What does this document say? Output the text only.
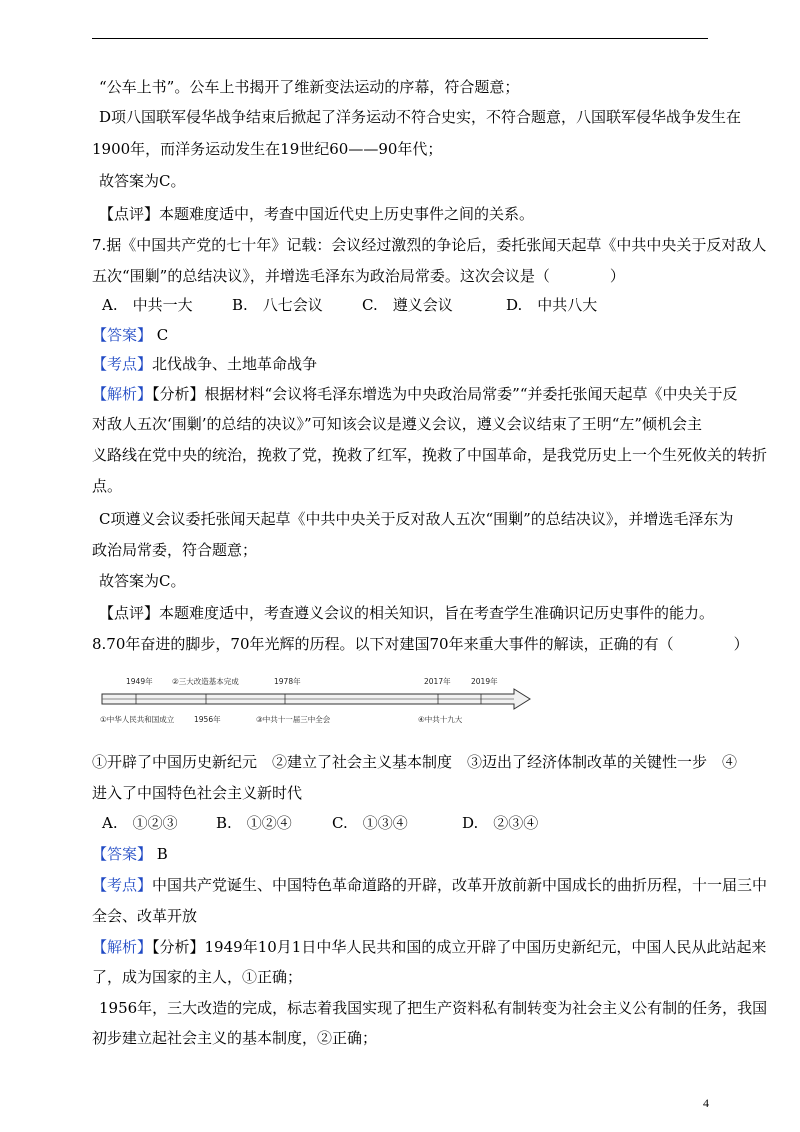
“公车上书”。公车上书揭开了维新变法运动的序幕，符合题意；
D项八国联军侵华战争结束后掀起了洋务运动不符合史实，不符合题意，八国联军侵华战争发生在
1900年，而洋务运动发生在19世纪60——90年代；
故答案为C。
【点评】本题难度适中，考查中国近代史上历史事件之间的关系。
7.据《中国共产党的七十年》记载：会议经过激烈的争论后，委托张闻天起草《中共中央关于反对敌人
五次“围剿”的总结决议》，并增选毛泽东为政治局常委。这次会议是（　　　　）
A.　中共一大	B.　八七会议	C.　遵义会议	D.　中共八大
【答案】 C
【考点】北伐战争、土地革命战争
【解析】【分析】根据材料“会议将毛泽东增选为中央政治局常委”“并委托张闻天起草《中央关于反
对敌人五次‘围剿’的总结的决议》”可知该会议是遵义会议，遵义会议结束了王明“左”倾机会主
义路线在党中央的统治，挽救了党，挽救了红军，挽救了中国革命，是我党历史上一个生死攸关的转折
点。
C项遵义会议委托张闻天起草《中共中央关于反对敌人五次“围剿”的总结决议》，并增选毛泽东为
政治局常委，符合题意；
故答案为C。
【点评】本题难度适中，考查遵义会议的相关知识，旨在考查学生准确识记历史事件的能力。
8.70年奋进的脚步，70年光辉的历程。以下对建国70年来重大事件的解读，正确的有（　　　　）
1949年	②三大改造基本完成	1978年	2017年	2019年
①中华人民共和国成立	1956年	③中共十一届三中全会	④中共十九大
①开辟了中国历史新纪元　②建立了社会主义基本制度　③迈出了经济体制改革的关键性一步　④
进入了中国特色社会主义新时代
A.　①②③	B.　①②④	C.　①③④	D.　②③④
【答案】 B
【考点】中国共产党诞生、中国特色革命道路的开辟，改革开放前新中国成长的曲折历程，十一届三中
全会、改革开放
【解析】【分析】1949年10月1日中华人民共和国的成立开辟了中国历史新纪元，中国人民从此站起来
了，成为国家的主人，①正确；
1956年，三大改造的完成，标志着我国实现了把生产资料私有制转变为社会主义公有制的任务，我国
初步建立起社会主义的基本制度，②正确；
4
